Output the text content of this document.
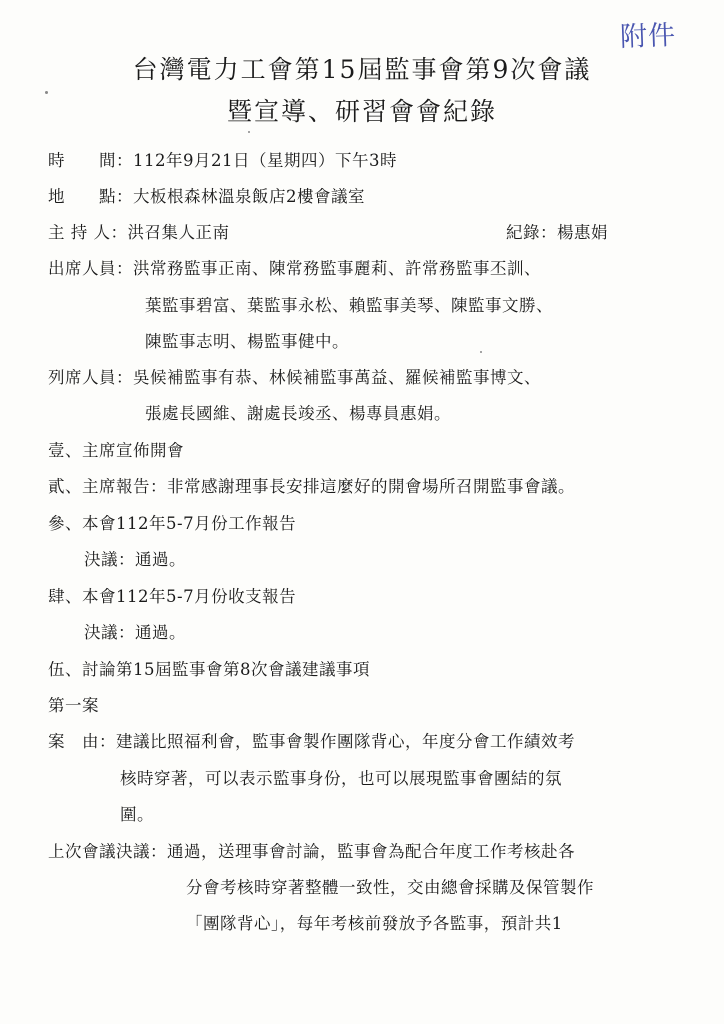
附件
台灣電力工會第15屆監事會第9次會議
暨宣導、研習會會紀錄
時　　間：112年9月21日（星期四）下午3時
地　　點：大板根森林溫泉飯店2樓會議室
主 持 人：洪召集人正南	紀錄：楊惠娟
出席人員：洪常務監事正南、陳常務監事麗莉、許常務監事丕訓、
葉監事碧富、葉監事永松、賴監事美琴、陳監事文勝、
陳監事志明、楊監事健中。
列席人員：吳候補監事有恭、林候補監事萬益、羅候補監事博文、
張處長國維、謝處長竣丞、楊專員惠娟。
壹、主席宣佈開會
貳、主席報告：非常感謝理事長安排這麼好的開會場所召開監事會議。
參、本會112年5-7月份工作報告
決議：通過。
肆、本會112年5-7月份收支報告
決議：通過。
伍、討論第15屆監事會第8次會議建議事項
第一案
案　由：建議比照福利會，監事會製作團隊背心，年度分會工作績效考
核時穿著，可以表示監事身份，也可以展現監事會團結的氛
圍。
上次會議決議：通過，送理事會討論，監事會為配合年度工作考核赴各
分會考核時穿著整體一致性，交由總會採購及保管製作
「團隊背心」，每年考核前發放予各監事，預計共1
